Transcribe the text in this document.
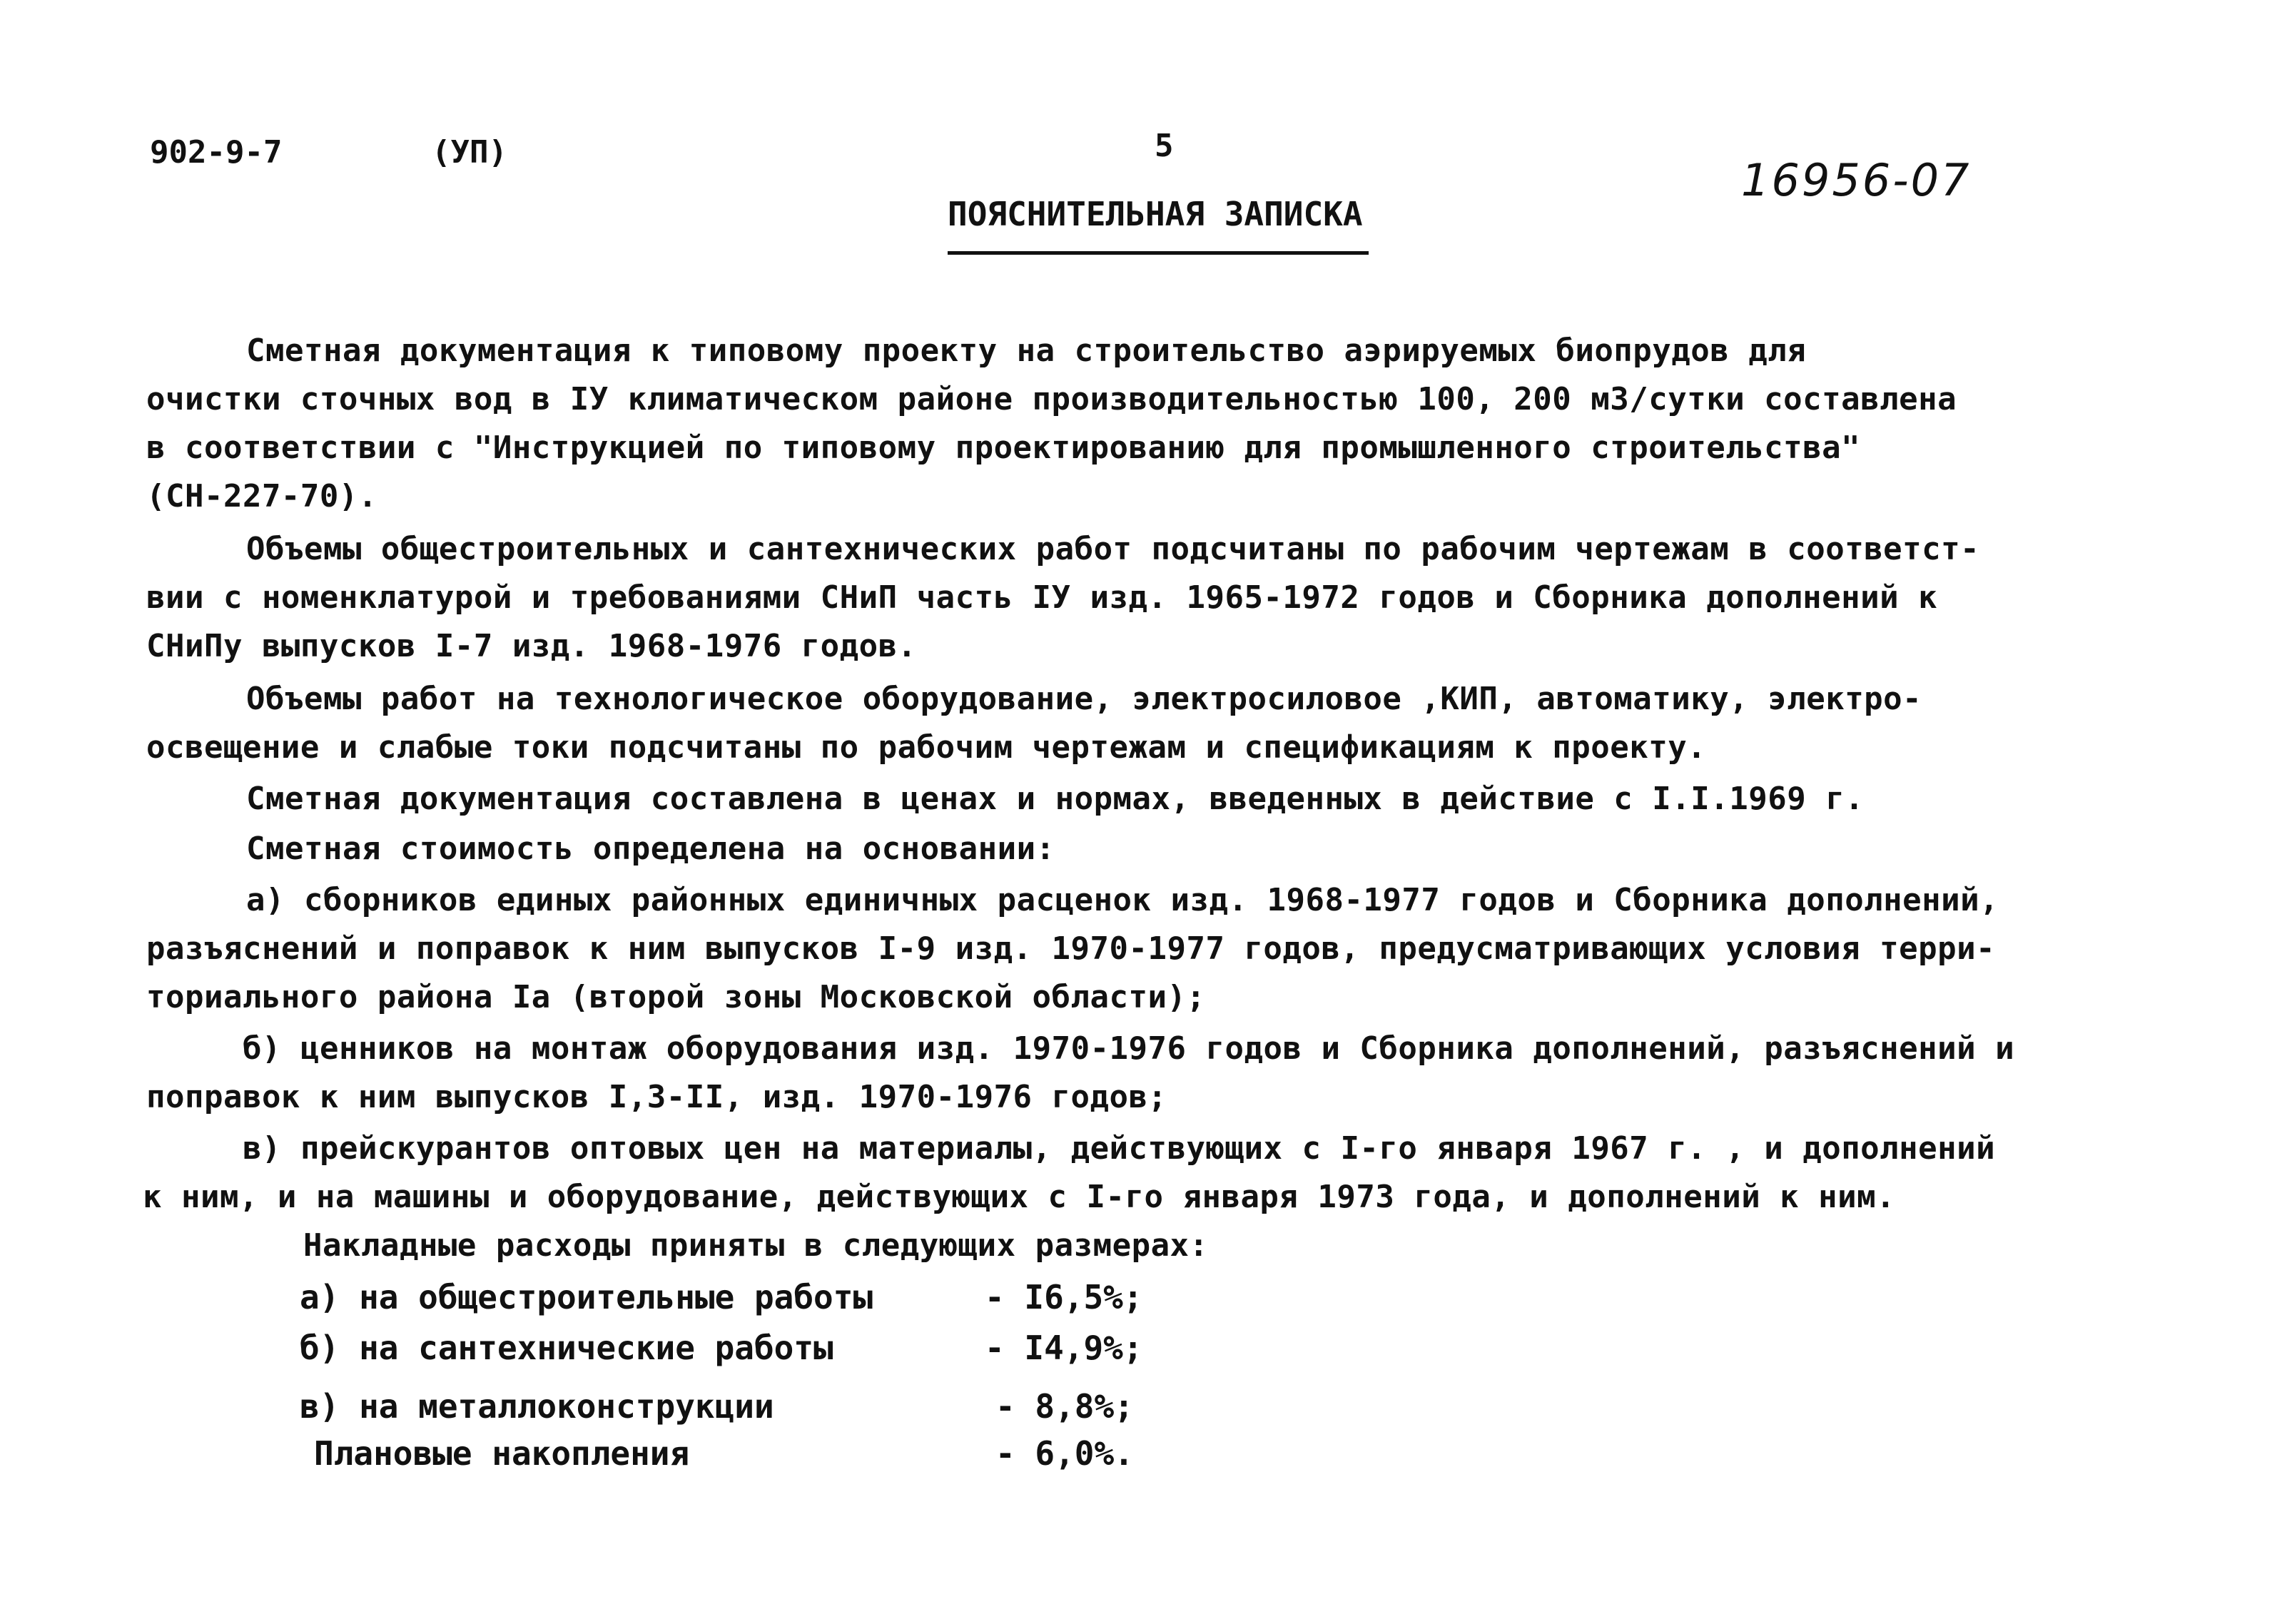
902-9-7	(УП)	5
16956-07
ПОЯСНИТЕЛЬНАЯ ЗАПИСКА
Сметная документация к типовому проекту на строительство аэрируемых биопрудов для
очистки сточных вод в IУ климатическом районе производительностью 100, 200 м3/сутки составлена
в соответствии с "Инструкцией по типовому проектированию для промышленного строительства"
(СН-227-70).
Объемы общестроительных и сантехнических работ подсчитаны по рабочим чертежам в соответст-
вии с номенклатурой и требованиями СНиП часть IУ изд. 1965-1972 годов и Сборника дополнений к
СНиПу выпусков I-7 изд. 1968-1976 годов.
Объемы работ на технологическое оборудование, электросиловое ,КИП, автоматику, электро-
освещение и слабые токи подсчитаны по рабочим чертежам и спецификациям к проекту.
Сметная документация составлена в ценах и нормах, введенных в действие с I.I.1969 г.
Сметная стоимость определена на основании:
а) сборников единых районных единичных расценок изд. 1968-1977 годов и Сборника дополнений,
разъяснений и поправок к ним выпусков I-9 изд. 1970-1977 годов, предусматривающих условия терри-
ториального района Iа (второй зоны Московской области);
б) ценников на монтаж оборудования изд. 1970-1976 годов и Сборника дополнений, разъяснений и
поправок к ним выпусков I,3-II, изд. 1970-1976 годов;
в) прейскурантов оптовых цен на материалы, действующих с I-го января 1967 г. , и дополнений
к ним, и на машины и оборудование, действующих с I-го января 1973 года, и дополнений к ним.
Накладные расходы приняты в следующих размерах:
а) на общестроительные работы	- I6,5%;
б) на сантехнические работы	- I4,9%;
в) на металлоконструкции	- 8,8%;
Плановые накопления	- 6,0%.
